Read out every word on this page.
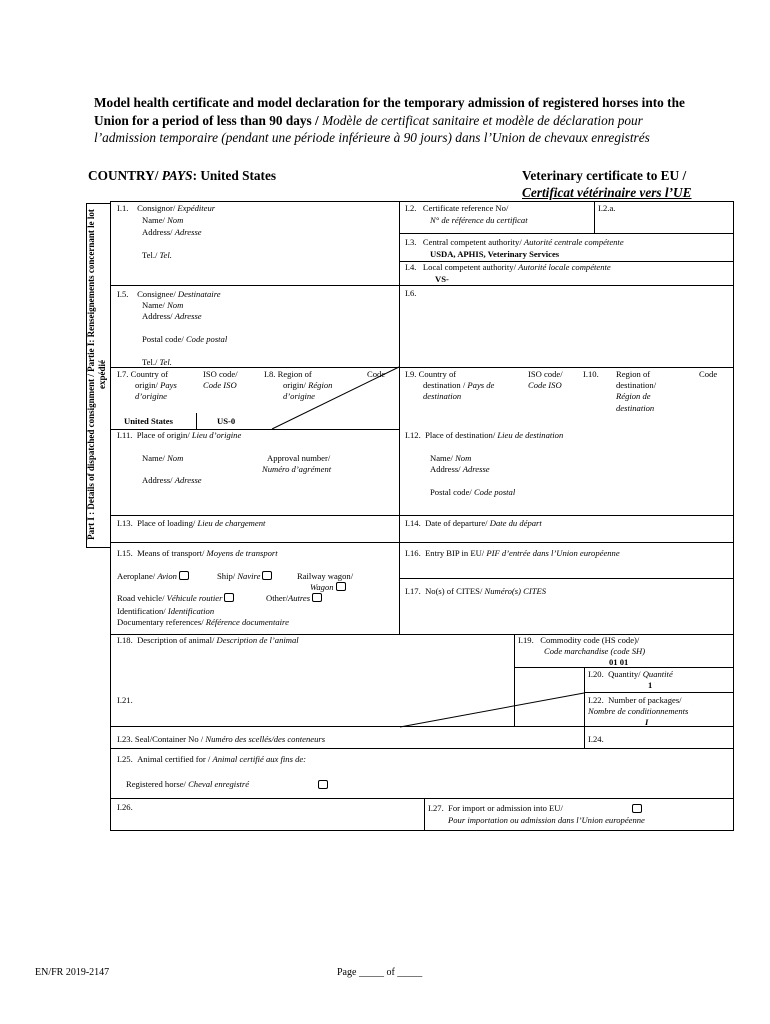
Model health certificate and model declaration for the temporary admission of registered horses into the Union for a period of less than 90 days / Modèle de certificat sanitaire et modèle de déclaration pour l’admission temporaire (pendant une période inférieure à 90 jours) dans l’Union de chevaux enregistrés
COUNTRY/ PAYS: United States	Veterinary certificate to EU /
Certificat vétérinaire vers l’UE
Part I : Details of dispatched consignment / Partie I: Renseignements concernant le lot expédié
I.1. Consignor/ Expéditeur
Name/ Nom
Address/ Adresse
Tel./ Tel.
I.2. Certificate reference No/
N° de référence du certificat
I.2.a.
I.3. Central competent authority/ Autorité centrale compétente
USDA, APHIS, Veterinary Services
I.4. Local competent authority/ Autorité locale compétente
VS-
I.5. Consignee/ Destinataire
Name/ Nom
Address/ Adresse
Postal code/ Code postal
Tel./ Tel.
I.6.
I.7. Country of
origin/ Pays
d’origine
ISO code/
Code ISO
United States	US-0
I.8. Region of
origin/ Région
d’origine
Code I.9. Country of
destination / Pays de
destination
ISO code/
Code ISO
I.10. Region of
destination/
Région de
destination
Code
I.11. Place of origin/ Lieu d’origine
Name/ Nom	Approval number/
Numéro d’agrément
Address/ Adresse
I.12. Place of destination/ Lieu de destination
Name/ Nom
Address/ Adresse
Postal code/ Code postal
I.13. Place of loading/ Lieu de chargement	I.14. Date of departure/ Date du départ
I.15. Means of transport/ Moyens de transport
Aeroplane/ Avion	Ship/ Navire	Railway wagon/
Wagon
Road vehicle/ Véhicule routier	Other/Autres
Identification/ Identification
Documentary references/ Référence documentaire
I.16. Entry BIP in EU/ PIF d’entrée dans l’Union européenne
I.17. No(s) of CITES/ Numéro(s) CITES
I.18. Description of animal/ Description de l’animal	I.19. Commodity code (HS code)/
Code marchandise (code SH)
01 01
I.20. Quantity/ Quantité
1
I.21.	I.22. Number of packages/
Nombre de conditionnements
I
I.23. Seal/Container No / Numéro des scellés/des conteneurs	I.24.
I.25. Animal certified for / Animal certifié aux fins de:
Registered horse/ Cheval enregistré
I.26.	I.27. For import or admission into EU/
Pour importation ou admission dans l’Union européenne
EN/FR 2019-2147	Page _____ of _____
